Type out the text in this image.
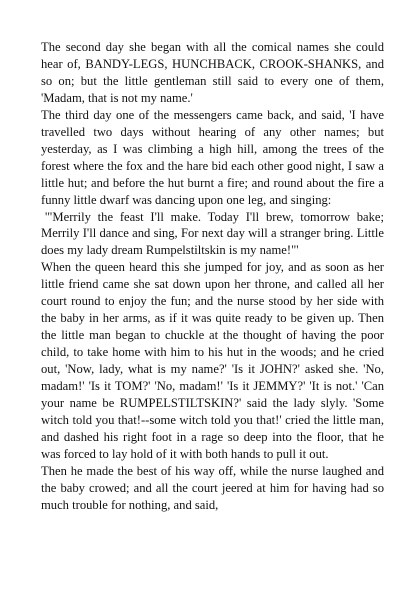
The second day she began with all the comical names she could hear of, BANDY-LEGS, HUNCHBACK, CROOK-SHANKS, and so on; but the little gentleman still said to every one of them, 'Madam, that is not my name.'

The third day one of the messengers came back, and said, 'I have travelled two days without hearing of any other names; but yesterday, as I was climbing a high hill, among the trees of the forest where the fox and the hare bid each other good night, I saw a little hut; and before the hut burnt a fire; and round about the fire a funny little dwarf was dancing upon one leg, and singing:

'"Merrily the feast I'll make. Today I'll brew, tomorrow bake; Merrily I'll dance and sing, For next day will a stranger bring. Little does my lady dream Rumpelstiltskin is my name!"'

When the queen heard this she jumped for joy, and as soon as her little friend came she sat down upon her throne, and called all her court round to enjoy the fun; and the nurse stood by her side with the baby in her arms, as if it was quite ready to be given up. Then the little man began to chuckle at the thought of having the poor child, to take home with him to his hut in the woods; and he cried out, 'Now, lady, what is my name?' 'Is it JOHN?' asked she. 'No, madam!' 'Is it TOM?' 'No, madam!' 'Is it JEMMY?' 'It is not.' 'Can your name be RUMPELSTILTSKIN?' said the lady slyly. 'Some witch told you that!--some witch told you that!' cried the little man, and dashed his right foot in a rage so deep into the floor, that he was forced to lay hold of it with both hands to pull it out.

Then he made the best of his way off, while the nurse laughed and the baby crowed; and all the court jeered at him for having had so much trouble for nothing, and said,
